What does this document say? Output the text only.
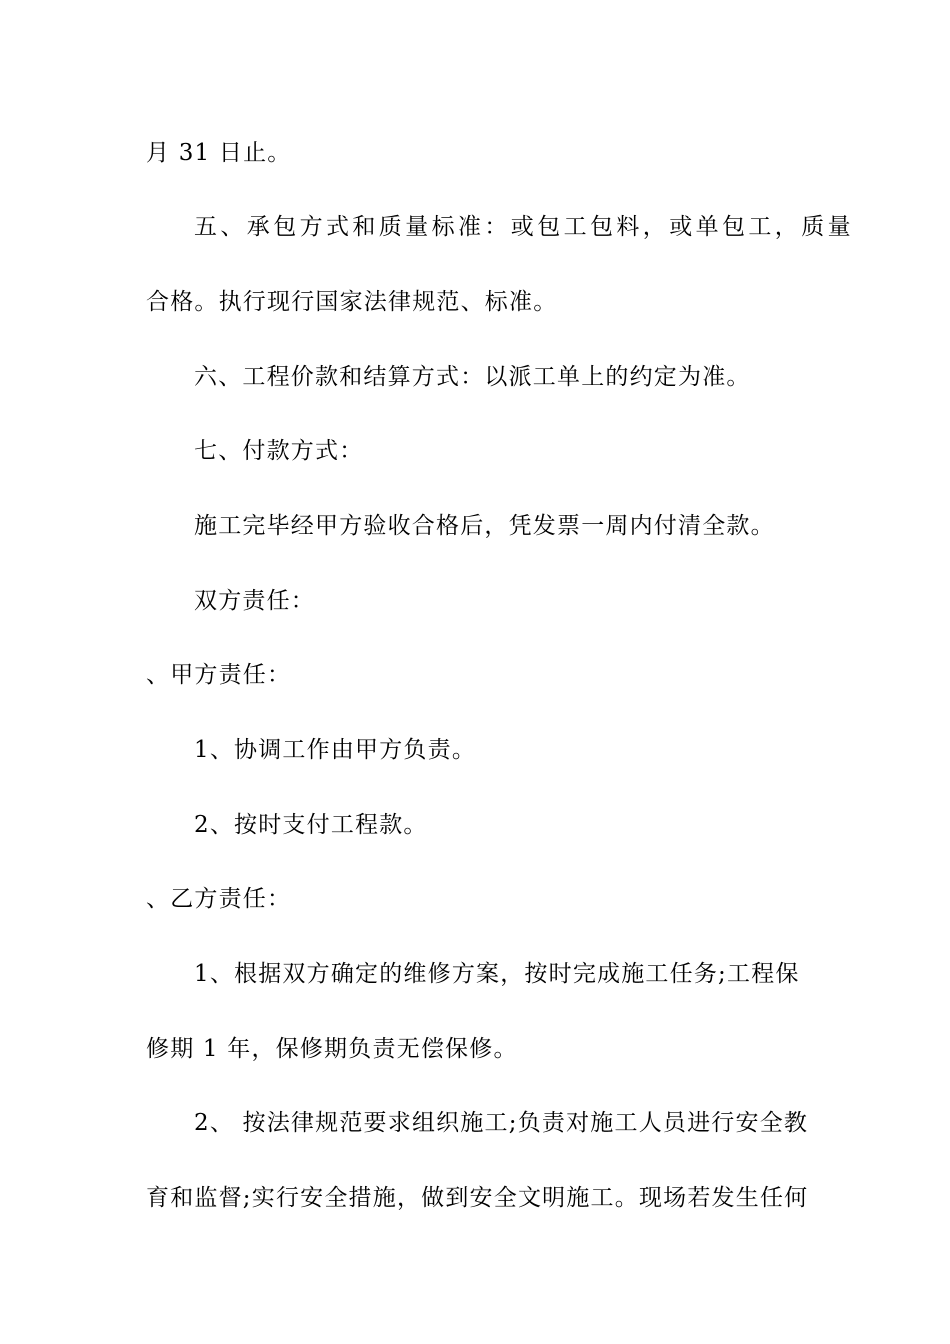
月 31 日止。
五、承包方式和质量标准：或包工包料，或单包工，质量
合格。执行现行国家法律规范、标准。
六、工程价款和结算方式：以派工单上的约定为准。
七、付款方式：
施工完毕经甲方验收合格后，凭发票一周内付清全款。
双方责任：
、甲方责任：
1、协调工作由甲方负责。
2、按时支付工程款。
、乙方责任：
1、根据双方确定的维修方案，按时完成施工任务;工程保
修期 1 年，保修期负责无偿保修。
2、 按法律规范要求组织施工;负责对施工人员进行安全教
育和监督;实行安全措施，做到安全文明施工。现场若发生任何
